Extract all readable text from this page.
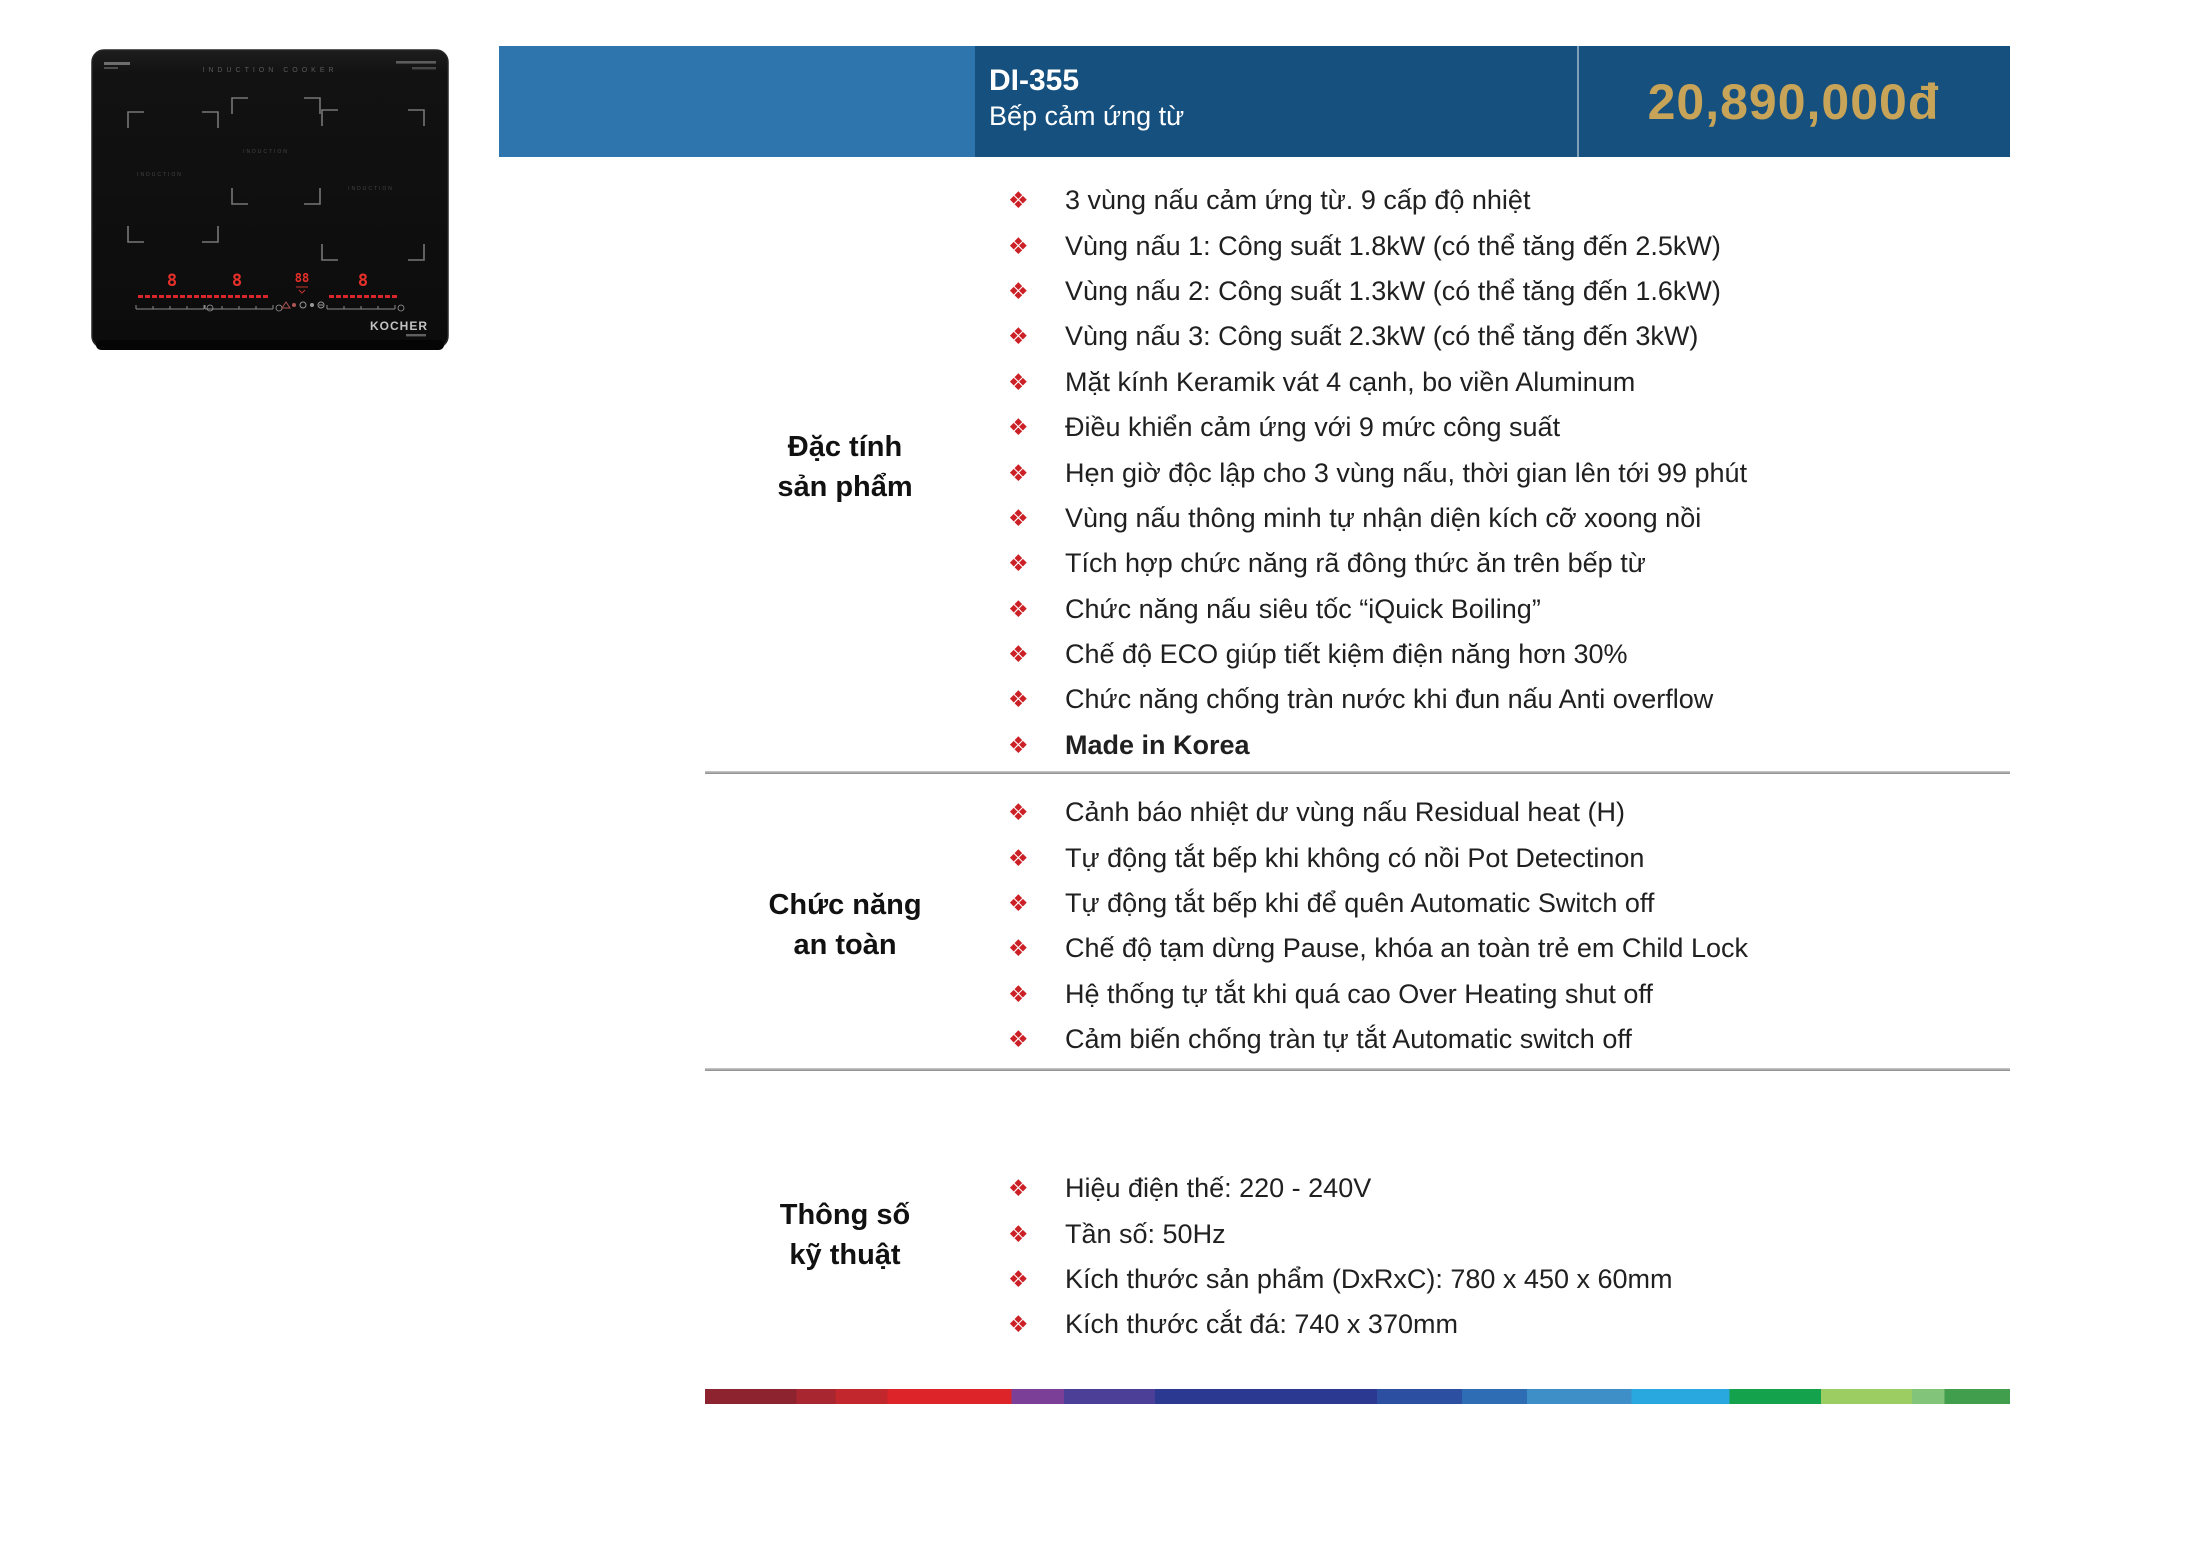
INDUCTION COOKER
INDUCTION
INDUCTION
INDUCTION
8	8	8
88
KOCHER
DI-355
Bếp cảm ứng từ	20,890,000đ
Đặc tính
sản phẩm
❖	3 vùng nấu cảm ứng từ. 9 cấp độ nhiệt
❖	Vùng nấu 1: Công suất 1.8kW (có thể tăng đến 2.5kW)
❖	Vùng nấu 2: Công suất 1.3kW (có thể tăng đến 1.6kW)
❖	Vùng nấu 3: Công suất 2.3kW (có thể tăng đến 3kW)
❖	Mặt kính Keramik vát 4 cạnh, bo viền Aluminum
❖	Điều khiển cảm ứng với 9 mức công suất
❖	Hẹn giờ độc lập cho 3 vùng nấu, thời gian lên tới 99 phút
❖	Vùng nấu thông minh tự nhận diện kích cỡ xoong nồi
❖	Tích hợp chức năng rã đông thức ăn trên bếp từ
❖	Chức năng nấu siêu tốc “iQuick Boiling”
❖	Chế độ ECO giúp tiết kiệm điện năng hơn 30%
❖	Chức năng chống tràn nước khi đun nấu Anti overflow
❖	Made in Korea
Chức năng
an toàn
❖	Cảnh báo nhiệt dư vùng nấu Residual heat (H)
❖	Tự động tắt bếp khi không có nồi Pot Detectinon
❖	Tự động tắt bếp khi để quên Automatic Switch off
❖	Chế độ tạm dừng Pause, khóa an toàn trẻ em Child Lock
❖	Hệ thống tự tắt khi quá cao Over Heating shut off
❖	Cảm biến chống tràn tự tắt Automatic switch off
Thông số
kỹ thuật
❖	Hiệu điện thế: 220 - 240V
❖	Tần số: 50Hz
❖	Kích thước sản phẩm (DxRxC): 780 x 450 x 60mm
❖	Kích thước cắt đá: 740 x 370mm
